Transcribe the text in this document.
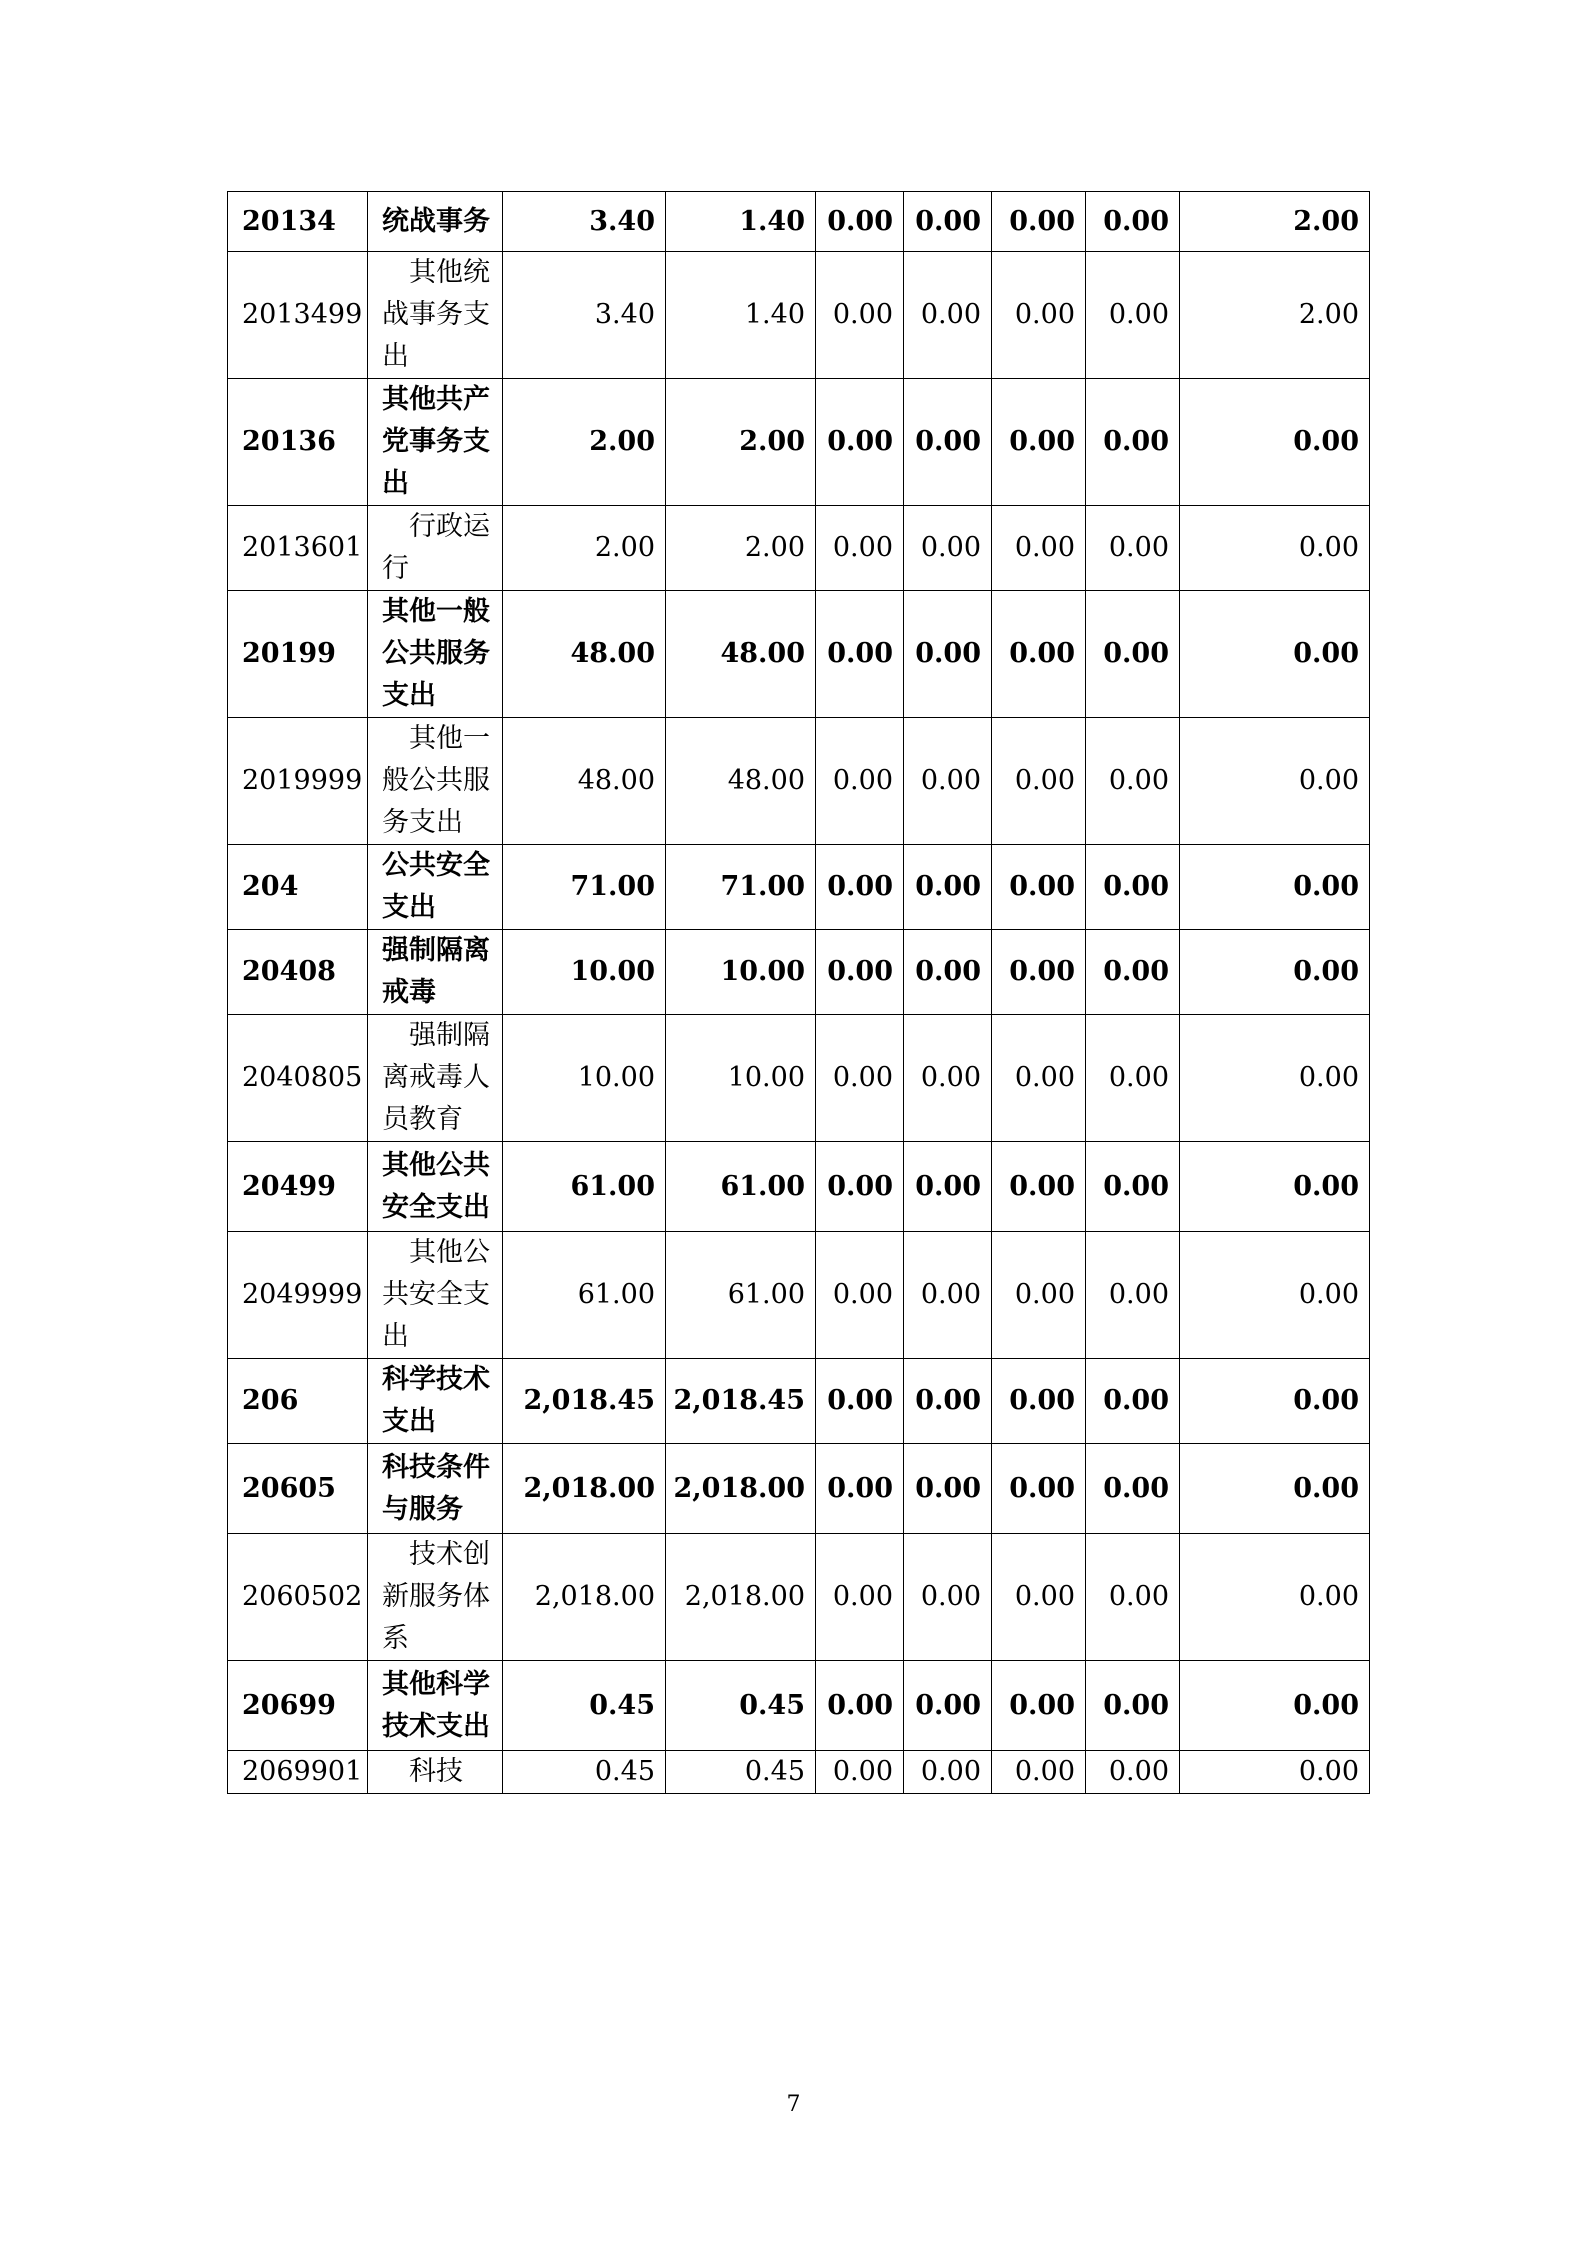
20134	统战事务	3.40	1.40	0.00	0.00	0.00	0.00	2.00
2013499	其他统战事务支出	3.40	1.40	0.00	0.00	0.00	0.00	2.00
20136	其他共产党事务支出	2.00	2.00	0.00	0.00	0.00	0.00	0.00
2013601	行政运行	2.00	2.00	0.00	0.00	0.00	0.00	0.00
20199	其他一般公共服务支出	48.00	48.00	0.00	0.00	0.00	0.00	0.00
2019999	其他一般公共服务支出	48.00	48.00	0.00	0.00	0.00	0.00	0.00
204	公共安全支出	71.00	71.00	0.00	0.00	0.00	0.00	0.00
20408	强制隔离戒毒	10.00	10.00	0.00	0.00	0.00	0.00	0.00
2040805	强制隔离戒毒人员教育	10.00	10.00	0.00	0.00	0.00	0.00	0.00
20499	其他公共安全支出	61.00	61.00	0.00	0.00	0.00	0.00	0.00
2049999	其他公共安全支出	61.00	61.00	0.00	0.00	0.00	0.00	0.00
206	科学技术支出	2,018.45	2,018.45	0.00	0.00	0.00	0.00	0.00
20605	科技条件与服务	2,018.00	2,018.00	0.00	0.00	0.00	0.00	0.00
2060502	技术创新服务体系	2,018.00	2,018.00	0.00	0.00	0.00	0.00	0.00
20699	其他科学技术支出	0.45	0.45	0.00	0.00	0.00	0.00	0.00
2069901	科技	0.45	0.45	0.00	0.00	0.00	0.00	0.00
7
